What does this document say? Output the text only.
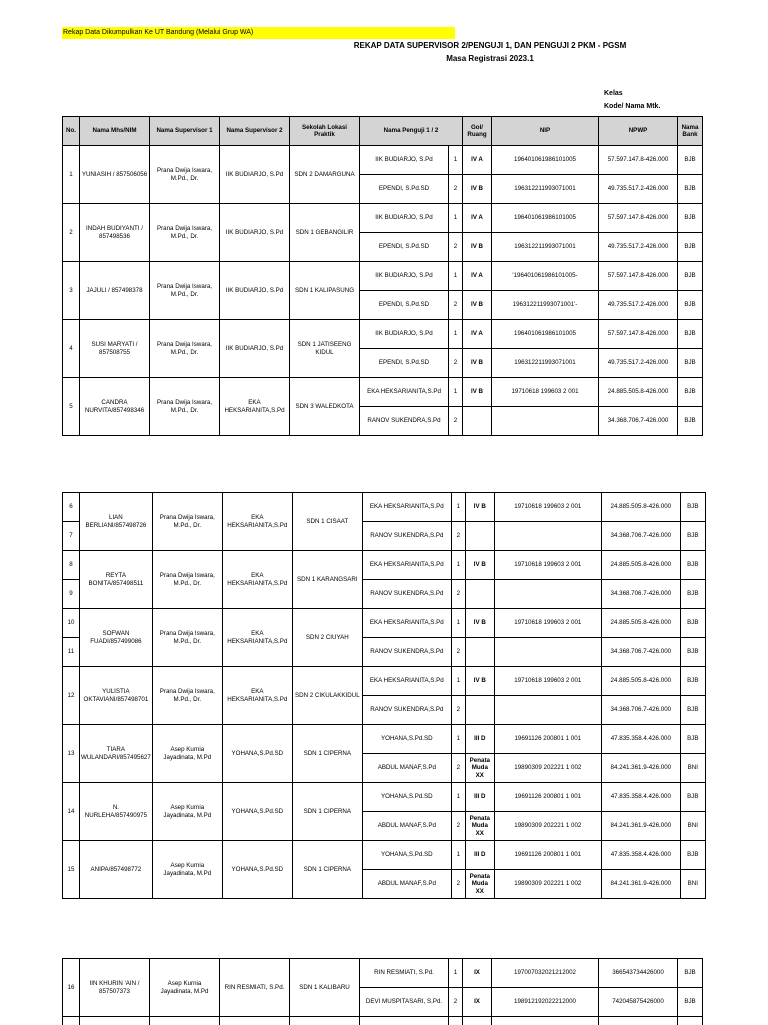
Rekap Data Dikumpulkan Ke UT Bandung (Melalui Grup WA)
REKAP DATA SUPERVISOR 2/PENGUJI 1, DAN PENGUJI 2 PKM - PGSM
Masa Registrasi 2023.1
Kelas
Kode/ Nama Mtk.
No.	Nama Mhs/NIM	Nama Supervisor 1	Nama Supervisor 2	Sekolah Lokasi Praktik	Nama Penguji 1 / 2		Gol/ Ruang	NIP	NPWP	Nama Bank
1	YUNIASIH / 857506056	Prana Dwija Iswara, M.Pd., Dr.	IIK BUDIARJO, S.Pd	SDN 2 DAMARGUNA	IIK BUDIARJO, S.Pd	1	IV A	196401061986101005	57.597.147.8-426.000	BJB
					EPENDI, S.Pd.SD	2	IV B	196312211993071001	49.735.517.2-426.000	BJB
2	INDAH BUDIYANTI / 857498536	Prana Dwija Iswara, M.Pd., Dr.	IIK BUDIARJO, S.Pd	SDN 1 GEBANGILIR	IIK BUDIARJO, S.Pd	1	IV A	196401061986101005	57.597.147.8-426.000	BJB
					EPENDI, S.Pd.SD	2	IV B	196312211993071001	49.735.517.2-426.000	BJB
3	JAJULI / 857498378	Prana Dwija Iswara, M.Pd., Dr.	IIK BUDIARJO, S.Pd	SDN 1 KALIPASUNG	IIK BUDIARJO, S.Pd	1	IV A	'196401061986101005-	57.597.147.8-426.000	BJB
					EPENDI, S.Pd.SD	2	IV B	196312211993071001'-	49.735.517.2-426.000	BJB
4	SUSI MARYATI / 857508755	Prana Dwija Iswara, M.Pd., Dr.	IIK BUDIARJO, S.Pd	SDN 1 JATISEENG KIDUL	IIK BUDIARJO, S.Pd	1	IV A	196401061986101005	57.597.147.8-426.000	BJB
					EPENDI, S.Pd.SD	2	IV B	196312211993071001	49.735.517.2-426.000	BJB
5	CANDRA NURVITA/857498346	Prana Dwija Iswara, M.Pd., Dr.	EKA HEKSARIANITA,S.Pd	SDN 3 WALEDKOTA	EKA HEKSARIANITA,S.Pd	1	IV B	19710618 199603 2 001	24.885.505.8-426.000	BJB
					RANOV SUKENDRA,S.Pd	2			34.368.706.7-426.000	BJB
6	LIAN BERLIANI/857498726	Prana Dwija Iswara, M.Pd., Dr.	EKA HEKSARIANITA,S.Pd	SDN 1 CISAAT	EKA HEKSARIANITA,S.Pd	1	IV B	19710618 199603 2 001	24.885.505.8-426.000	BJB
7					RANOV SUKENDRA,S.Pd	2			34.368.706.7-426.000	BJB
8	REYTA BONITA/857498511	Prana Dwija Iswara, M.Pd., Dr.	EKA HEKSARIANITA,S.Pd	SDN 1 KARANGSARI	EKA HEKSARIANITA,S.Pd	1	IV B	19710618 199603 2 001	24.885.505.8-426.000	BJB
9					RANOV SUKENDRA,S.Pd	2			34.368.706.7-426.000	BJB
10	SOFWAN FUADI/857499086	Prana Dwija Iswara, M.Pd., Dr.	EKA HEKSARIANITA,S.Pd	SDN 2 CIUYAH	EKA HEKSARIANITA,S.Pd	1	IV B	19710618 199603 2 001	24.885.505.8-426.000	BJB
11					RANOV SUKENDRA,S.Pd	2			34.368.706.7-426.000	BJB
12	YULISTIA OKTAVIANI/857498701	Prana Dwija Iswara, M.Pd., Dr.	EKA HEKSARIANITA,S.Pd	SDN 2 CIKULAKKIDUL	EKA HEKSARIANITA,S.Pd	1	IV B	19710618 199603 2 001	24.885.505.8-426.000	BJB
					RANOV SUKENDRA,S.Pd	2			34.368.706.7-426.000	BJB
13	TIARA WULANDARI/857495627	Asep Kurnia Jayadinata, M.Pd	YOHANA,S.Pd.SD	SDN 1 CIPERNA	YOHANA,S.Pd.SD	1	III D	19691126 200801 1 001	47.835.358.4.426.000	BJB
					ABDUL MANAF,S.Pd	2	Penata Muda XX	19890309 202221 1 002	84.241.361.9-426.000	BNI
14	N. NURLEHA/857490975	Asep Kurnia Jayadinata, M.Pd	YOHANA,S.Pd.SD	SDN 1 CIPERNA	YOHANA,S.Pd.SD	1	III D	19691126 200801 1 001	47.835.358.4.426.000	BJB
					ABDUL MANAF,S.Pd	2	Penata Muda XX	19890309 202221 1 002	84.241.361.9-426.000	BNI
15	ANIPA/857498772	Asep Kurnia Jayadinata, M.Pd	YOHANA,S.Pd.SD	SDN 1 CIPERNA	YOHANA,S.Pd.SD	1	III D	19691126 200801 1 001	47.835.358.4.426.000	BJB
					ABDUL MANAF,S.Pd	2	Penata Muda XX	19890309 202221 1 002	84.241.361.9-426.000	BNI
16	IIN KHURIN 'AIN / 857507373	Asep Kurnia Jayadinata, M.Pd	RIN RESMIATI, S.Pd.	SDN 1 KALIBARU	RIN RESMIATI, S.Pd.	1	IX	197007032021212002	366543734426000	BJB
					DEVI MUSPITASARI, S.Pd.	2	IX	198912192022212000	742045875426000	BJB
